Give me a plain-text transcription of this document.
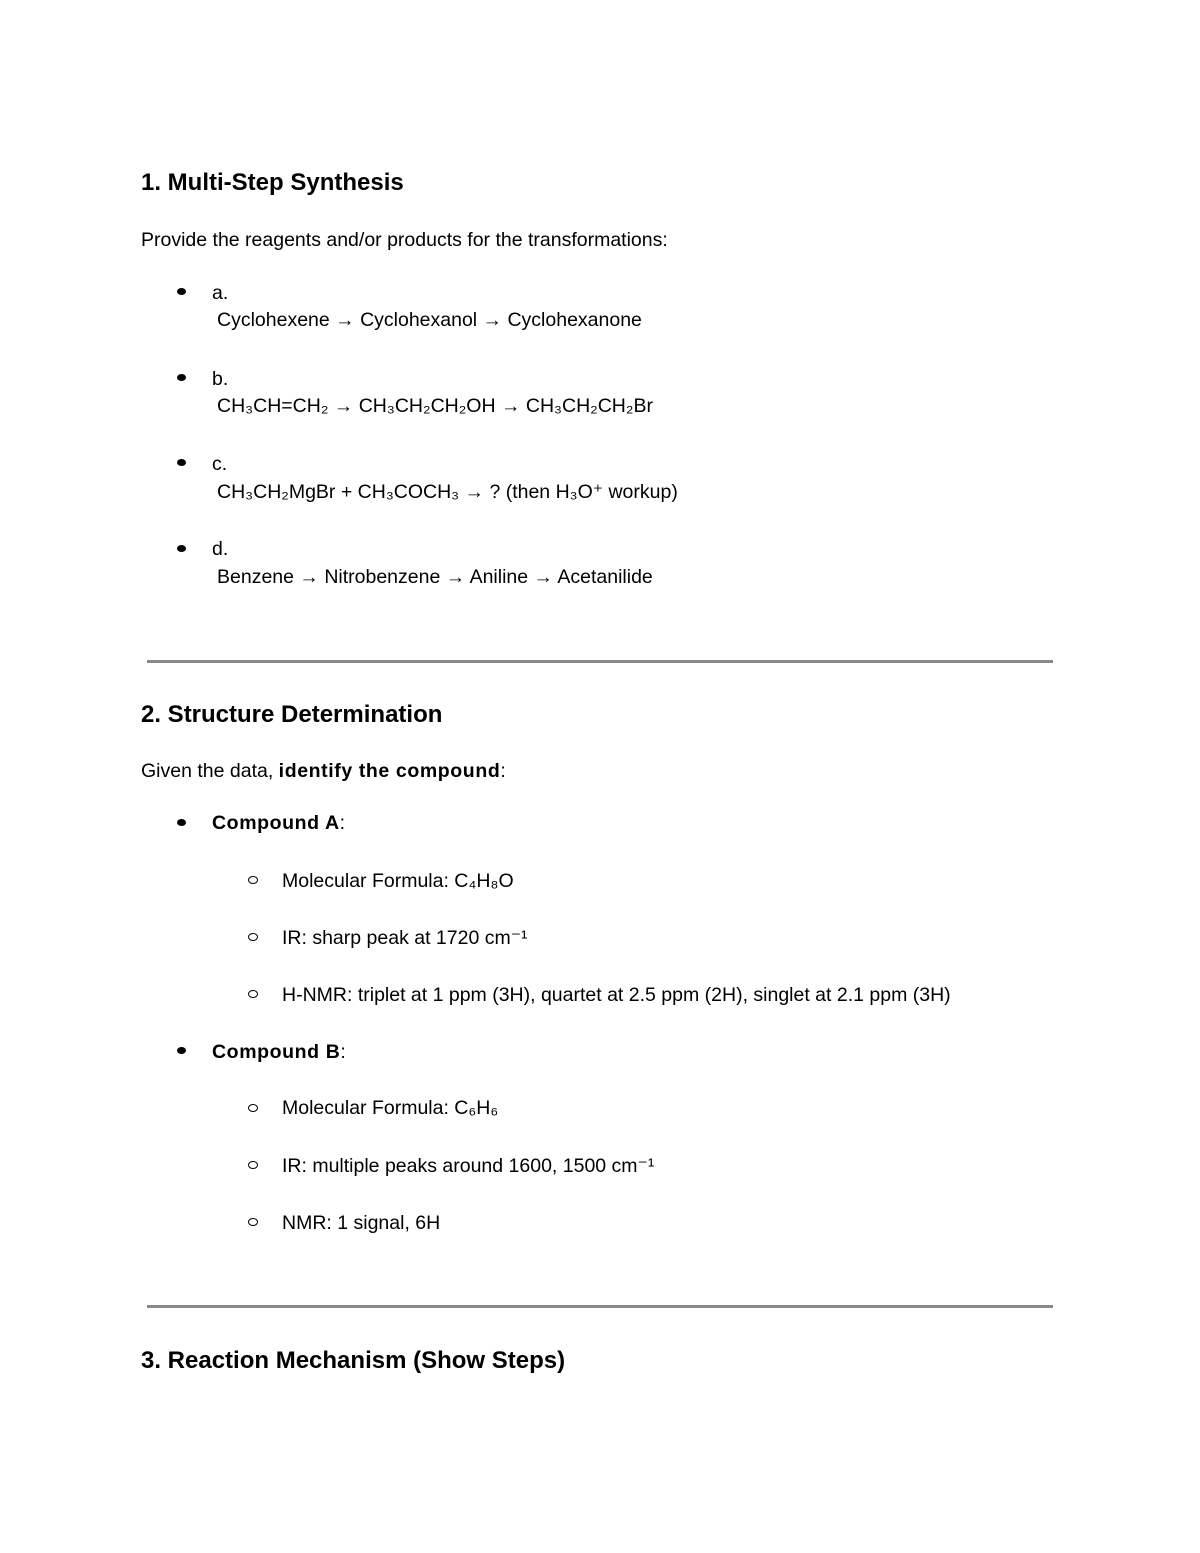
1. Multi-Step Synthesis
Provide the reagents and/or products for the transformations:
a.
Cyclohexene → Cyclohexanol → Cyclohexanone
b.
CH₃CH=CH₂ → CH₃CH₂CH₂OH → CH₃CH₂CH₂Br
c.
CH₃CH₂MgBr + CH₃COCH₃ → ? (then H₃O⁺ workup)
d.
Benzene → Nitrobenzene → Aniline → Acetanilide
2. Structure Determination
Given the data, identify the compound:
Compound A:
Molecular Formula: C₄H₈O
IR: sharp peak at 1720 cm⁻¹
H-NMR: triplet at 1 ppm (3H), quartet at 2.5 ppm (2H), singlet at 2.1 ppm (3H)
Compound B:
Molecular Formula: C₆H₆
IR: multiple peaks around 1600, 1500 cm⁻¹
NMR: 1 signal, 6H
3. Reaction Mechanism (Show Steps)
